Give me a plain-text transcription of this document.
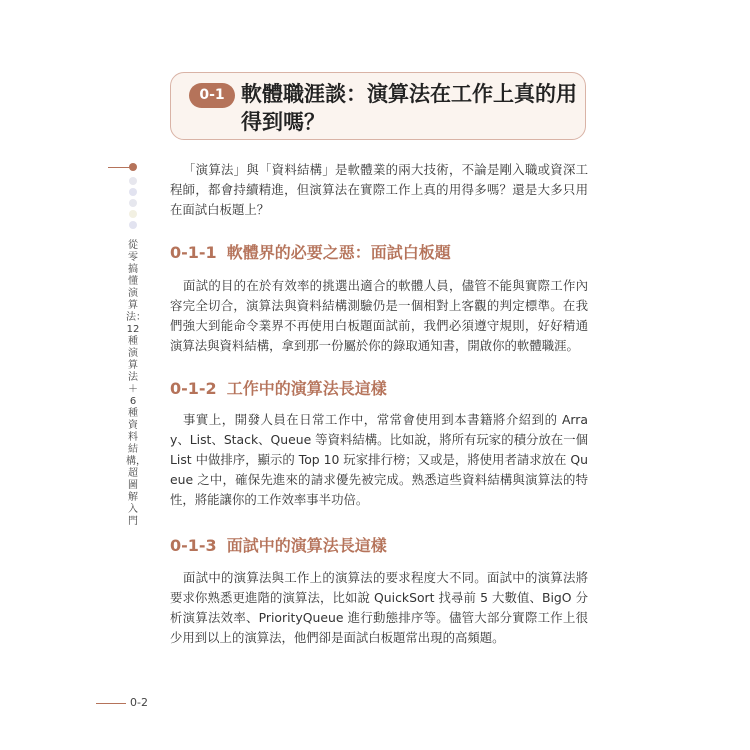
0-1 軟體職涯談：演算法在工作上真的用得到嗎？
從零搞懂演算法：12種演算法＋6種資料結構，超圖解入門
「演算法」與「資料結構」是軟體業的兩大技術，不論是剛入職或資深工程師，都會持續精進，但演算法在實際工作上真的用得多嗎？還是大多只用在面試白板題上？
0-1-1 軟體界的必要之惡：面試白板題
面試的目的在於有效率的挑選出適合的軟體人員，儘管不能與實際工作內容完全切合，演算法與資料結構測驗仍是一個相對上客觀的判定標準。在我們強大到能命令業界不再使用白板題面試前，我們必須遵守規則，好好精通演算法與資料結構，拿到那一份屬於你的錄取通知書，開啟你的軟體職涯。
0-1-2 工作中的演算法長這樣
事實上，開發人員在日常工作中，常常會使用到本書籍將介紹到的 Array、List、Stack、Queue 等資料結構。比如說，將所有玩家的積分放在一個 List 中做排序，顯示的 Top 10 玩家排行榜；又或是，將使用者請求放在 Queue 之中，確保先進來的請求優先被完成。熟悉這些資料結構與演算法的特性，將能讓你的工作效率事半功倍。
0-1-3 面試中的演算法長這樣
面試中的演算法與工作上的演算法的要求程度大不同。面試中的演算法將要求你熟悉更進階的演算法，比如說 QuickSort 找尋前 5 大數值、BigO 分析演算法效率、PriorityQueue 進行動態排序等。儘管大部分實際工作上很少用到以上的演算法，他們卻是面試白板題常出現的高頻題。
0-2
